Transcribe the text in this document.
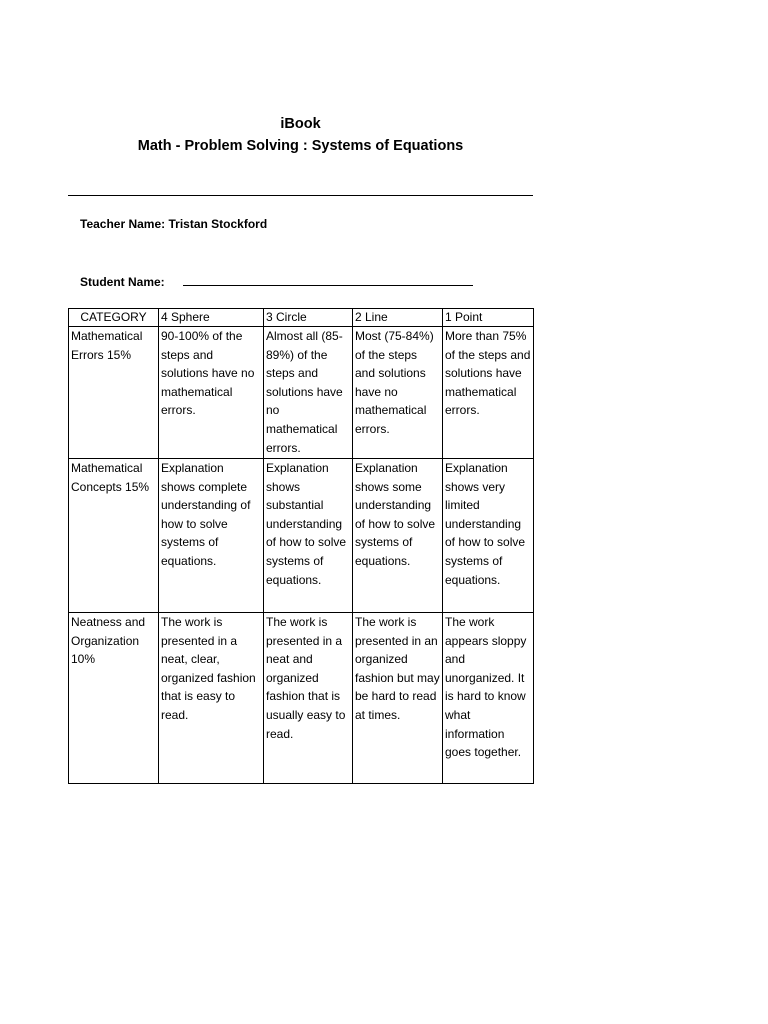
iBook
Math - Problem Solving : Systems of Equations
Teacher Name: Tristan Stockford
Student Name:
CATEGORY	4 Sphere	3 Circle	2 Line	1 Point
Mathematical Errors 15%	90-100% of the steps and solutions have no mathematical errors.	Almost all (85-89%) of the steps and solutions have no mathematical errors.	Most (75-84%) of the steps and solutions have no mathematical errors.	More than 75% of the steps and solutions have mathematical errors.
Mathematical Concepts 15%	Explanation shows complete understanding of how to solve systems of equations.	Explanation shows substantial understanding of how to solve systems of equations.	Explanation shows some understanding of how to solve systems of equations.	Explanation shows very limited understanding of how to solve systems of equations.
Neatness and Organization 10%	The work is presented in a neat, clear, organized fashion that is easy to read.	The work is presented in a neat and organized fashion that is usually easy to read.	The work is presented in an organized fashion but may be hard to read at times.	The work appears sloppy and unorganized. It is hard to know what information goes together.
